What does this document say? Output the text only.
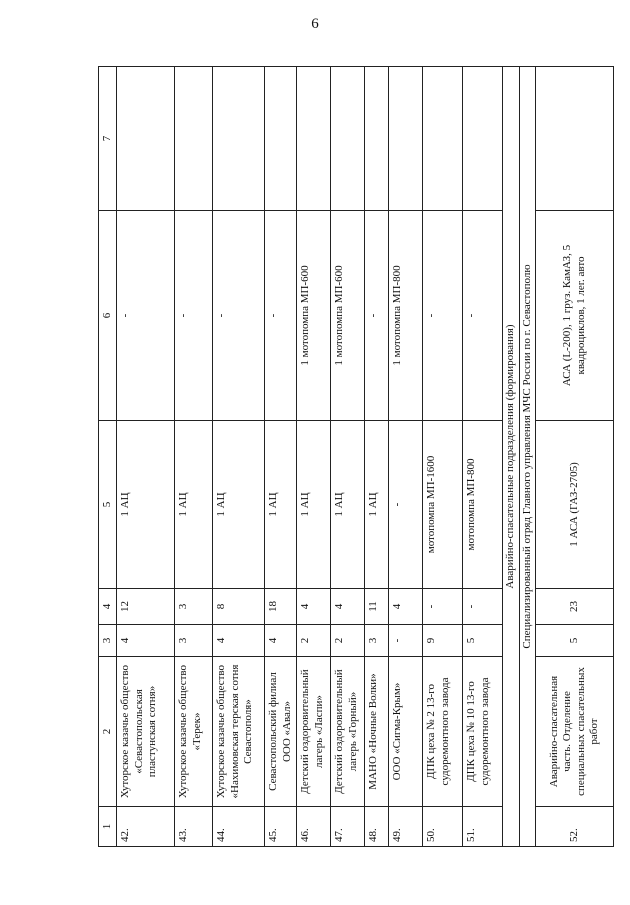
6
1	2	3	4	5	6	7
42.	Хуторское казачье общество «Севастопольская пластунская сотня»	4	12	1 АЦ	-	
43.	Хуторское казачье общество «Терек»	3	3	1 АЦ	-	
44.	Хуторское казачье общество «Нахимовская терская сотня Севастополя»	4	8	1 АЦ	-	
45.	Севастопольский филиал ООО «Авал»	4	18	1 АЦ	-	
46.	Детский оздоровительный лагерь «Ласпи»	2	4	1 АЦ	1 мотопомпа МП-600	
47.	Детский оздоровительный лагерь «Горный»	2	4	1 АЦ	1 мотопомпа МП-600	
48.	МАНО «Ночные Волки»	3	11	1 АЦ	-	
49.	ООО «Сигма-Крым»	-	4	-	1 мотопомпа МП-800	
50.	ДПК цеха № 2 13-го судоремонтного завода	9	-	мотопомпа МП-1600	-	
51.	ДПК цеха № 10 13-го судоремонтного завода	5	-	мотопомпа МП-800	-	
Аварийно-спасательные подразделения (формирования)						
Специализированный отряд Главного управления МЧС России по г. Севастополю						
52.	Аварийно-спасательная часть. Отделение специальных спасательных работ	5	23	1 АСА (ГАЗ-2705)	АСА (L-200), 1 груз. КамАЗ, 5 квадроциклов, 1 лег. авто	
